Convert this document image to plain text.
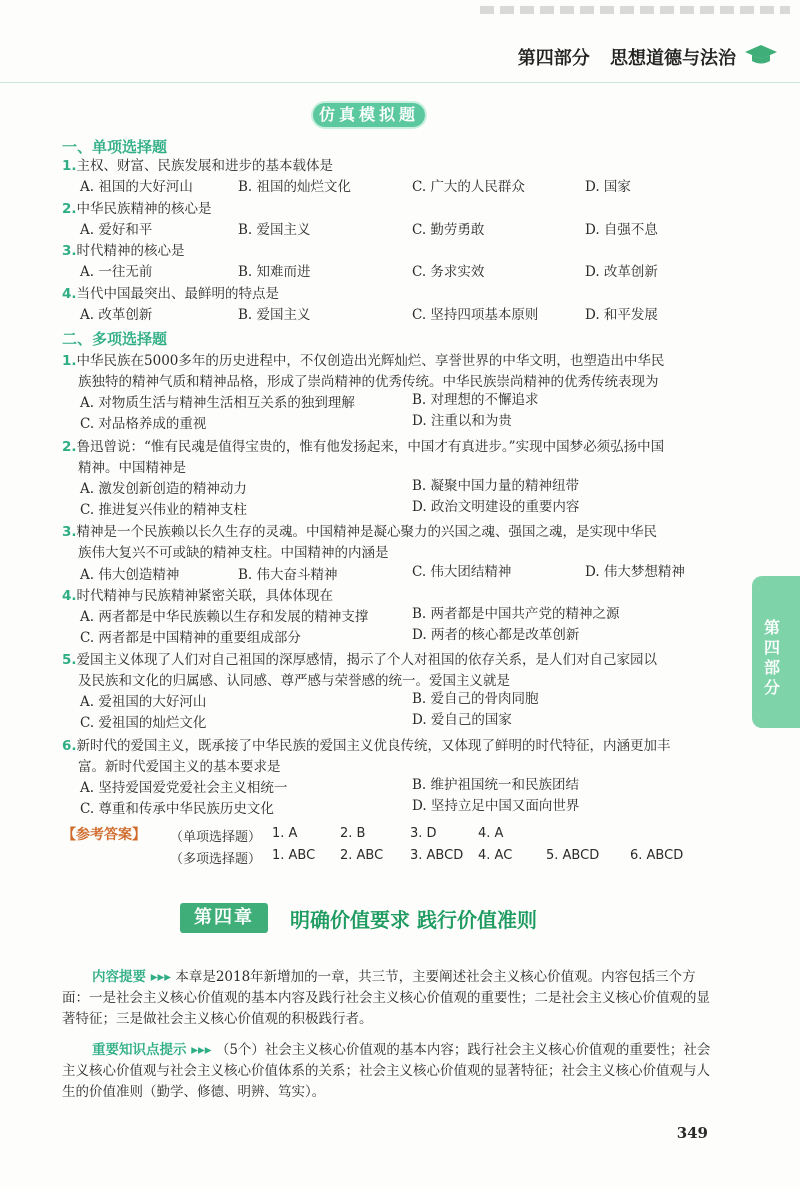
第四部分 思想道德与法治
仿真模拟题
一、单项选择题
1.主权、财富、民族发展和进步的基本载体是
A. 祖国的大好河山	B. 祖国的灿烂文化	C. 广大的人民群众	D. 国家
2.中华民族精神的核心是
A. 爱好和平	B. 爱国主义	C. 勤劳勇敢	D. 自强不息
3.时代精神的核心是
A. 一往无前	B. 知难而进	C. 务求实效	D. 改革创新
4.当代中国最突出、最鲜明的特点是
A. 改革创新	B. 爱国主义	C. 坚持四项基本原则	D. 和平发展
二、多项选择题
1.中华民族在5000多年的历史进程中，不仅创造出光辉灿烂、享誉世界的中华文明，也塑造出中华民
族独特的精神气质和精神品格，形成了崇尚精神的优秀传统。中华民族崇尚精神的优秀传统表现为
A. 对物质生活与精神生活相互关系的独到理解	B. 对理想的不懈追求
C. 对品格养成的重视	D. 注重以和为贵
2.鲁迅曾说：“惟有民魂是值得宝贵的，惟有他发扬起来，中国才有真进步。”实现中国梦必须弘扬中国
精神。中国精神是
A. 激发创新创造的精神动力	B. 凝聚中国力量的精神纽带
C. 推进复兴伟业的精神支柱	D. 政治文明建设的重要内容
3.精神是一个民族赖以长久生存的灵魂。中国精神是凝心聚力的兴国之魂、强国之魂，是实现中华民
族伟大复兴不可或缺的精神支柱。中国精神的内涵是
A. 伟大创造精神	B. 伟大奋斗精神	C. 伟大团结精神	D. 伟大梦想精神
4.时代精神与民族精神紧密关联，具体体现在
A. 两者都是中华民族赖以生存和发展的精神支撑	B. 两者都是中国共产党的精神之源
C. 两者都是中国精神的重要组成部分	D. 两者的核心都是改革创新
5.爱国主义体现了人们对自己祖国的深厚感情，揭示了个人对祖国的依存关系，是人们对自己家园以
及民族和文化的归属感、认同感、尊严感与荣誉感的统一。爱国主义就是
A. 爱祖国的大好河山	B. 爱自己的骨肉同胞
C. 爱祖国的灿烂文化	D. 爱自己的国家
6.新时代的爱国主义，既承接了中华民族的爱国主义优良传统，又体现了鲜明的时代特征，内涵更加丰
富。新时代爱国主义的基本要求是
A. 坚持爱国爱党爱社会主义相统一	B. 维护祖国统一和民族团结
C. 尊重和传承中华民族历史文化	D. 坚持立足中国又面向世界
【参考答案】 （单项选择题） 1. A	2. B	3. D	4. A
（多项选择题） 1. ABC 2. ABC 3. ABCD 4. AC	5. ABCD 6. ABCD
第四部分
第四章	明确价值要求 践行价值准则
内容提要 ▸▸▸ 本章是2018年新增加的一章，共三节，主要阐述社会主义核心价值观。内容包括三个方面：一是社会主义核心价值观的基本内容及践行社会主义核心价值观的重要性；二是社会主义核心价值观的显著特征；三是做社会主义核心价值观的积极践行者。
重要知识点提示 ▸▸▸ （5个）社会主义核心价值观的基本内容；践行社会主义核心价值观的重要性；社会主义核心价值观与社会主义核心价值体系的关系；社会主义核心价值观的显著特征；社会主义核心价值观与人生的价值准则（勤学、修德、明辨、笃实）。
349
